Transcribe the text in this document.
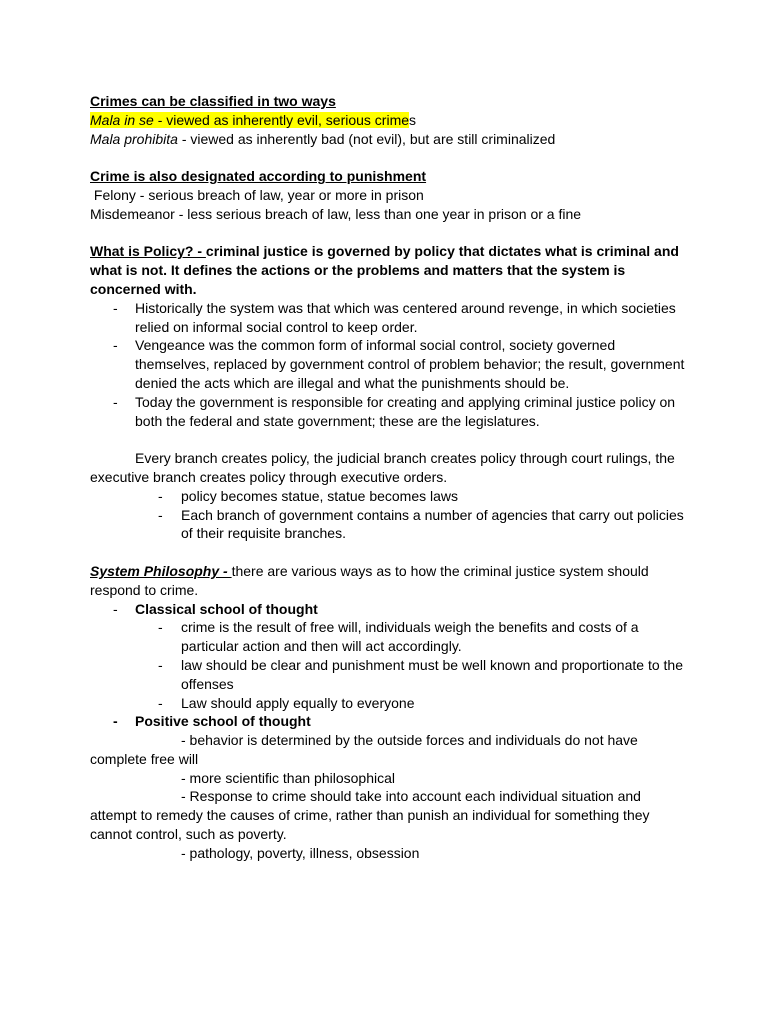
Crimes can be classified in two ways

Mala in se - viewed as inherently evil, serious crimes

Mala prohibita - viewed as inherently bad (not evil), but are still criminalized

Crime is also designated according to punishment

Felony - serious breach of law, year or more in prison

Misdemeanor - less serious breach of law, less than one year in prison or a fine

What is Policy? - criminal justice is governed by policy that dictates what is criminal and what is not. It defines the actions or the problems and matters that the system is concerned with.

- Historically the system was that which was centered around revenge, in which societies relied on informal social control to keep order.
- Vengeance was the common form of informal social control, society governed themselves, replaced by government control of problem behavior; the result, government denied the acts which are illegal and what the punishments should be.
- Today the government is responsible for creating and applying criminal justice policy on both the federal and state government; these are the legislatures.

Every branch creates policy, the judicial branch creates policy through court rulings, the executive branch creates policy through executive orders.

- policy becomes statue, statue becomes laws
- Each branch of government contains a number of agencies that carry out policies of their requisite branches.

System Philosophy - there are various ways as to how the criminal justice system should respond to crime.

- Classical school of thought
- crime is the result of free will, individuals weigh the benefits and costs of a particular action and then will act accordingly.
- law should be clear and punishment must be well known and proportionate to the offenses
- Law should apply equally to everyone
- Positive school of thought

- behavior is determined by the outside forces and individuals do not have complete free will

- more scientific than philosophical

- Response to crime should take into account each individual situation and attempt to remedy the causes of crime, rather than punish an individual for something they cannot control, such as poverty.

- pathology, poverty, illness, obsession
